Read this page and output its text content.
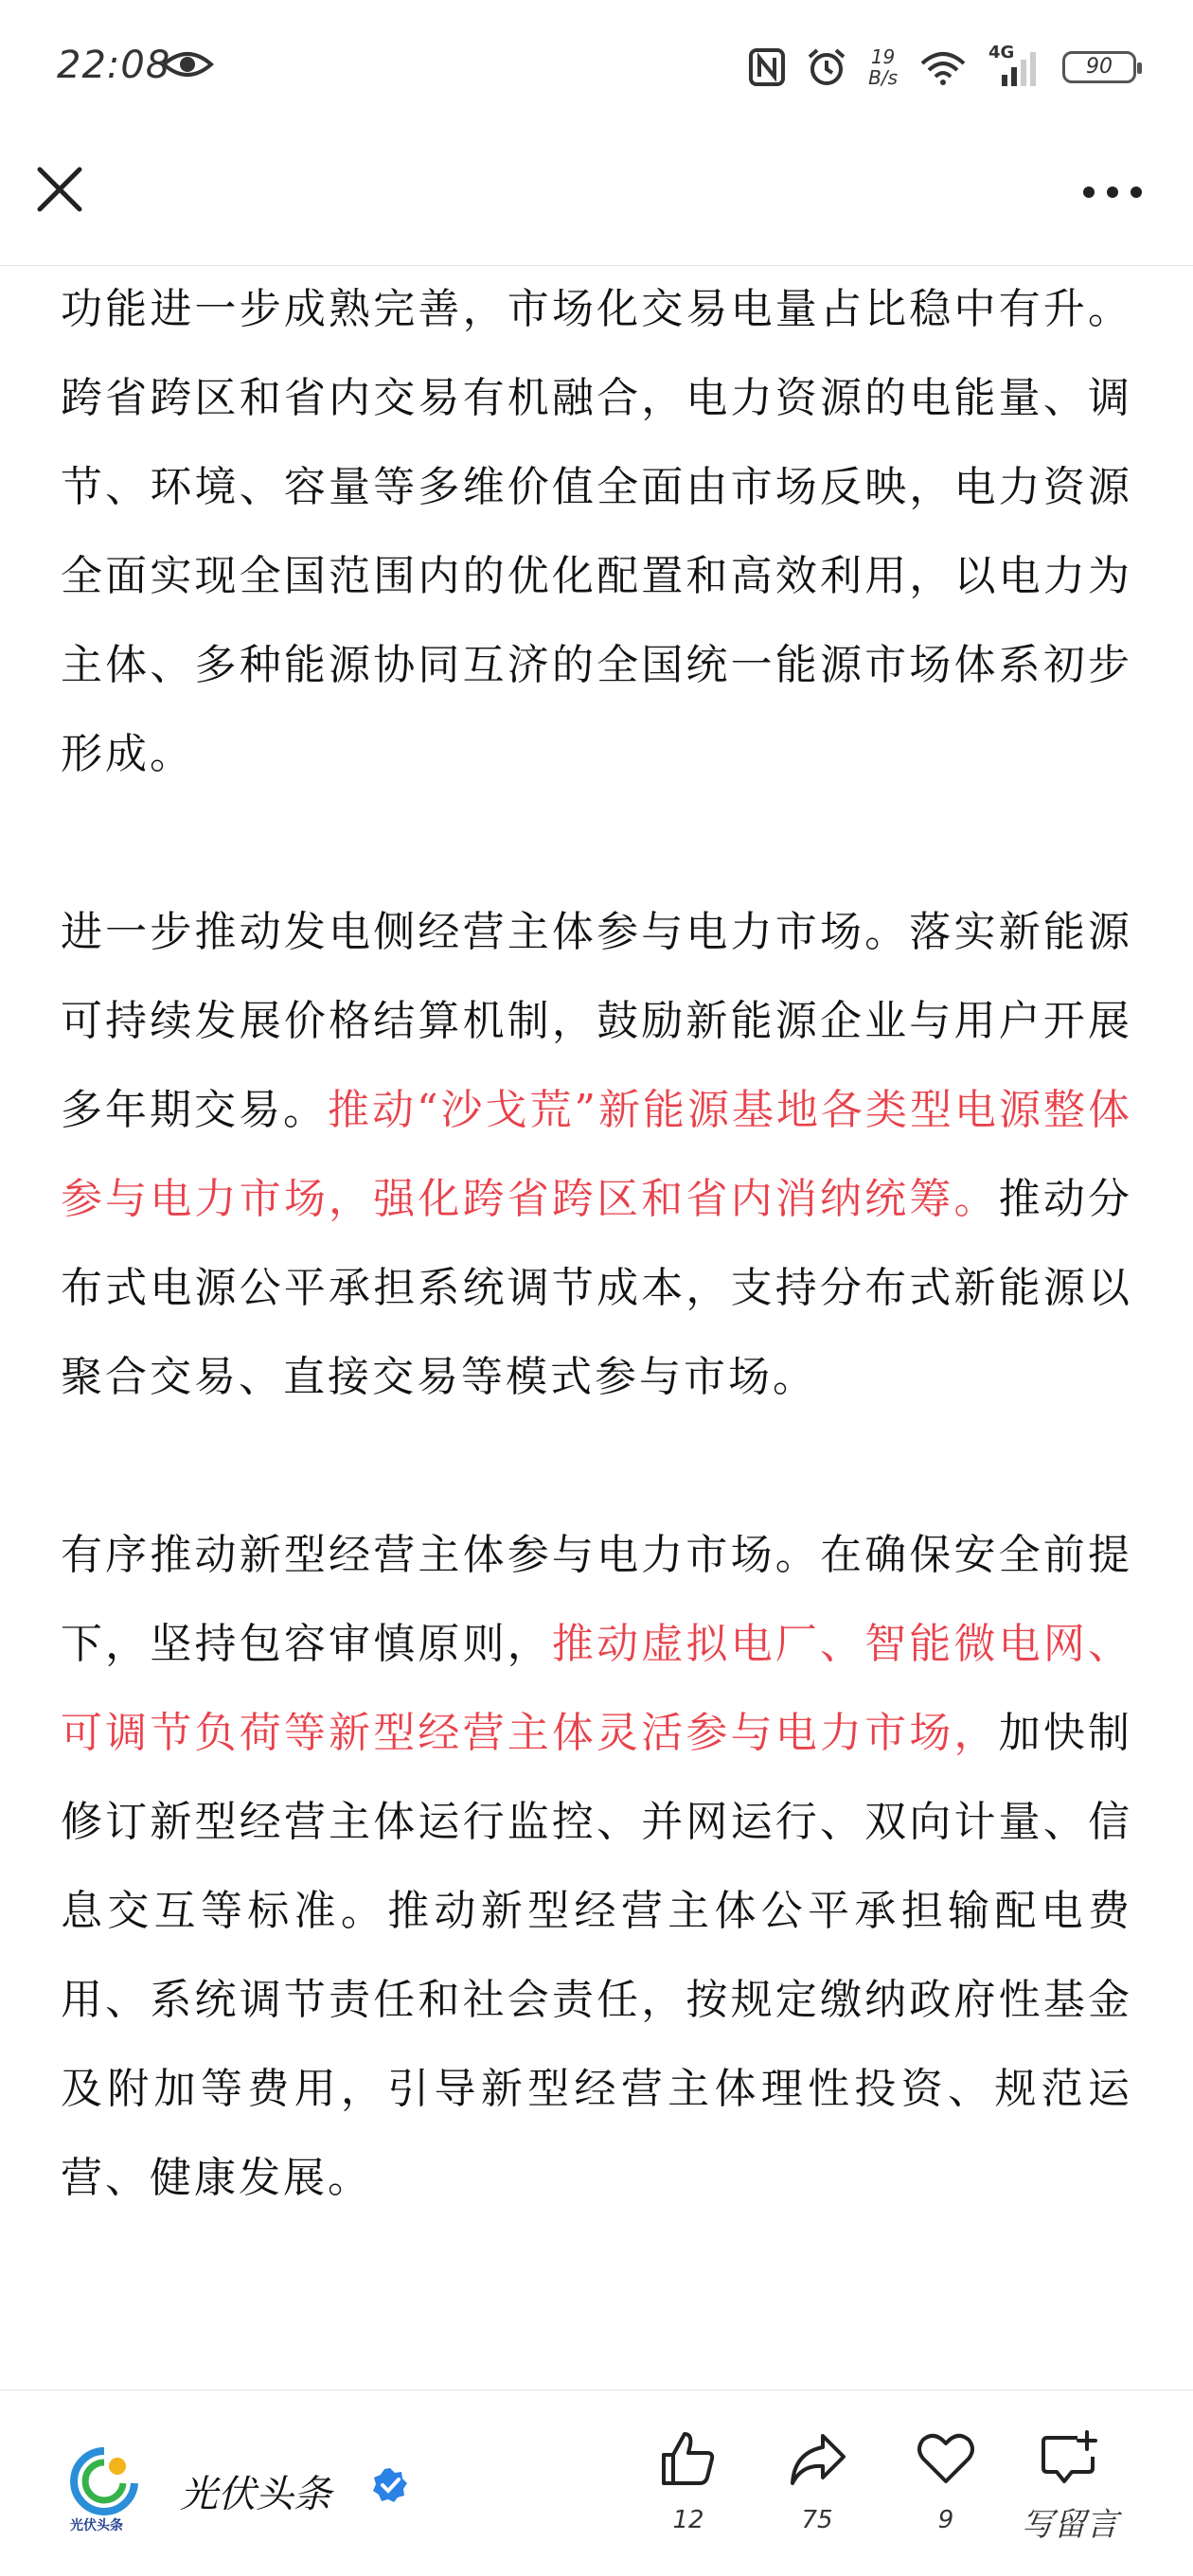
22:08	19
B/s
4G
90

功能进一步成熟完善，市场化交易电量占比稳中有升。跨省跨区和省内交易有机融合，电力资源的电能量、调节、环境、容量等多维价值全面由市场反映，电力资源全面实现全国范围内的优化配置和高效利用，以电力为主体、多种能源协同互济的全国统一能源市场体系初步形成。

进一步推动发电侧经营主体参与电力市场。落实新能源可持续发展价格结算机制，鼓励新能源企业与用户开展多年期交易。推动“沙戈荒”新能源基地各类型电源整体参与电力市场，强化跨省跨区和省内消纳统筹。推动分布式电源公平承担系统调节成本，支持分布式新能源以聚合交易、直接交易等模式参与市场。

有序推动新型经营主体参与电力市场。在确保安全前提下，坚持包容审慎原则，推动虚拟电厂、智能微电网、可调节负荷等新型经营主体灵活参与电力市场，加快制修订新型经营主体运行监控、并网运行、双向计量、信息交互等标准。推动新型经营主体公平承担输配电费用、系统调节责任和社会责任，按规定缴纳政府性基金及附加等费用，引导新型经营主体理性投资、规范运营、健康发展。

光伏头条
光伏头条
12	75	9	写留言
